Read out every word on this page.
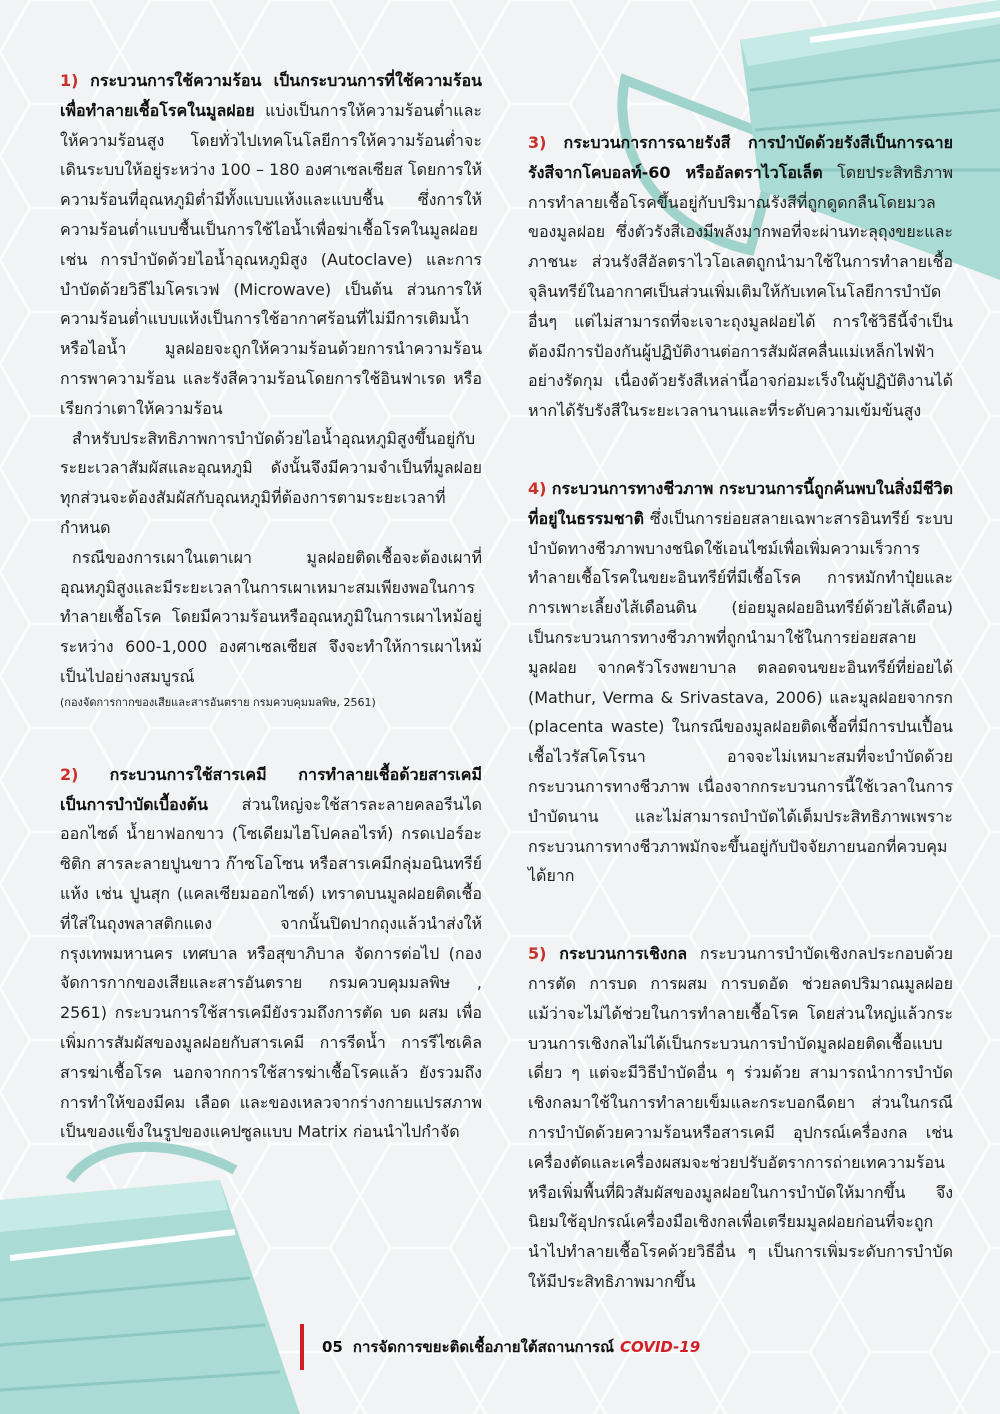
1) กระบวนการใช้ความร้อน เป็นกระบวนการที่ใช้ความร้อน เพื่อทำลายเชื้อโรคในมูลฝอย แบ่งเป็นการให้ความร้อนต่ำและให้ความร้อนสูง โดยทั่วไปเทคโนโลยีการให้ความร้อนต่ำจะเดินระบบให้อยู่ระหว่าง 100 – 180 องศาเซลเซียส โดยการให้ความร้อนที่อุณหภูมิต่ำมีทั้งแบบแห้งและแบบชื้น ซึ่งการให้ความร้อนต่ำแบบชื้นเป็นการใช้ไอน้ำเพื่อฆ่าเชื้อโรคในมูลฝอย เช่น การบำบัดด้วยไอน้ำอุณหภูมิสูง (Autoclave) และการบำบัดด้วยวิธีไมโครเวฟ (Microwave) เป็นต้น ส่วนการให้ความร้อนต่ำแบบแห้งเป็นการใช้อากาศร้อนที่ไม่มีการเติมน้ำหรือไอน้ำ มูลฝอยจะถูกให้ความร้อนด้วยการนำความร้อน การพาความร้อน และรังสีความร้อนโดยการใช้อินฟาเรด หรือเรียกว่าเตาให้ความร้อน

สำหรับประสิทธิภาพการบำบัดด้วยไอน้ำอุณหภูมิสูงขึ้นอยู่กับระยะเวลาสัมผัสและอุณหภูมิ ดังนั้นจึงมีความจำเป็นที่มูลฝอยทุกส่วนจะต้องสัมผัสกับอุณหภูมิที่ต้องการตามระยะเวลาที่กำหนด

กรณีของการเผาในเตาเผา มูลฝอยติดเชื้อจะต้องเผาที่อุณหภูมิสูงและมีระยะเวลาในการเผาเหมาะสมเพียงพอในการทำลายเชื้อโรค โดยมีความร้อนหรืออุณหภูมิในการเผาไหม้อยู่ระหว่าง 600-1,000 องศาเซลเซียส จึงจะทำให้การเผาไหม้เป็นไปอย่างสมบูรณ์

(กองจัดการกากของเสียและสารอันตราย กรมควบคุมมลพิษ, 2561)

2) กระบวนการใช้สารเคมี การทำลายเชื้อด้วยสารเคมีเป็นการบำบัดเบื้องต้น ส่วนใหญ่จะใช้สารละลายคลอรีนไดออกไซด์ น้ำยาฟอกขาว (โซเดียมไฮโปคลอไรท์) กรดเปอร์อะซิติก สารละลายปูนขาว ก๊าซโอโซน หรือสารเคมีกลุ่มอนินทรีย์แห้ง เช่น ปูนสุก (แคลเซียมออกไซด์) เทราดบนมูลฝอยติดเชื้อที่ใส่ในถุงพลาสติกแดง จากนั้นปิดปากถุงแล้วนำส่งให้กรุงเทพมหานคร เทศบาล หรือสุขาภิบาล จัดการต่อไป (กองจัดการกากของเสียและสารอันตราย กรมควบคุมมลพิษ , 2561) กระบวนการใช้สารเคมียังรวมถึงการตัด บด ผสม เพื่อเพิ่มการสัมผัสของมูลฝอยกับสารเคมี การรีดน้ำ การรีไซเคิลสารฆ่าเชื้อโรค นอกจากการใช้สารฆ่าเชื้อโรคแล้ว ยังรวมถึงการทำให้ของมีคม เลือด และของเหลวจากร่างกายแปรสภาพเป็นของแข็งในรูปของแคปซูลแบบ Matrix ก่อนนำไปกำจัด

3) กระบวนการการฉายรังสี การบำบัดด้วยรังสีเป็นการฉายรังสีจากโคบอลท์-60 หรืออัลตราไวโอเล็ต โดยประสิทธิภาพการทำลายเชื้อโรคขึ้นอยู่กับปริมาณรังสีที่ถูกดูดกลืนโดยมวลของมูลฝอย ซึ่งตัวรังสีเองมีพลังมากพอที่จะผ่านทะลุถุงขยะและภาชนะ ส่วนรังสีอัลตราไวโอเลตถูกนำมาใช้ในการทำลายเชื้อจุลินทรีย์ในอากาศเป็นส่วนเพิ่มเติมให้กับเทคโนโลยีการบำบัดอื่นๆ แต่ไม่สามารถที่จะเจาะถุงมูลฝอยได้ การใช้วิธีนี้จำเป็นต้องมีการป้องกันผู้ปฏิบัติงานต่อการสัมผัสคลื่นแม่เหล็กไฟฟ้าอย่างรัดกุม เนื่องด้วยรังสีเหล่านี้อาจก่อมะเร็งในผู้ปฏิบัติงานได้หากได้รับรังสีในระยะเวลานานและที่ระดับความเข้มข้นสูง

4) กระบวนการทางชีวภาพ กระบวนการนี้ถูกค้นพบในสิ่งมีชีวิตที่อยู่ในธรรมชาติ ซึ่งเป็นการย่อยสลายเฉพาะสารอินทรีย์ ระบบบำบัดทางชีวภาพบางชนิดใช้เอนไซม์เพื่อเพิ่มความเร็วการทำลายเชื้อโรคในขยะอินทรีย์ที่มีเชื้อโรค การหมักทำปุ๋ยและการเพาะเลี้ยงไส้เดือนดิน (ย่อยมูลฝอยอินทรีย์ด้วยไส้เดือน) เป็นกระบวนการทางชีวภาพที่ถูกนำมาใช้ในการย่อยสลายมูลฝอย จากครัวโรงพยาบาล ตลอดจนขยะอินทรีย์ที่ย่อยได้ (Mathur, Verma & Srivastava, 2006) และมูลฝอยจากรก (placenta waste) ในกรณีของมูลฝอยติดเชื้อที่มีการปนเปื้อนเชื้อไวรัสโคโรนา อาจจะไม่เหมาะสมที่จะบำบัดด้วยกระบวนการทางชีวภาพ เนื่องจากกระบวนการนี้ใช้เวลาในการบำบัดนาน และไม่สามารถบำบัดได้เต็มประสิทธิภาพเพราะกระบวนการทางชีวภาพมักจะขึ้นอยู่กับปัจจัยภายนอกที่ควบคุมได้ยาก

5) กระบวนการเชิงกล กระบวนการบำบัดเชิงกลประกอบด้วย การตัด การบด การผสม การบดอัด ช่วยลดปริมาณมูลฝอย แม้ว่าจะไม่ได้ช่วยในการทำลายเชื้อโรค โดยส่วนใหญ่แล้วกระบวนการเชิงกลไม่ได้เป็นกระบวนการบำบัดมูลฝอยติดเชื้อแบบเดี่ยว ๆ แต่จะมีวิธีบำบัดอื่น ๆ ร่วมด้วย สามารถนำการบำบัดเชิงกลมาใช้ในการทำลายเข็มและกระบอกฉีดยา ส่วนในกรณีการบำบัดด้วยความร้อนหรือสารเคมี อุปกรณ์เครื่องกล เช่น เครื่องตัดและเครื่องผสมจะช่วยปรับอัตราการถ่ายเทความร้อนหรือเพิ่มพื้นที่ผิวสัมผัสของมูลฝอยในการบำบัดให้มากขึ้น จึงนิยมใช้อุปกรณ์เครื่องมือเชิงกลเพื่อเตรียมมูลฝอยก่อนที่จะถูกนำไปทำลายเชื้อโรคด้วยวิธีอื่น ๆ เป็นการเพิ่มระดับการบำบัดให้มีประสิทธิภาพมากขึ้น

05 การจัดการขยะติดเชื้อภายใต้สถานการณ์ COVID-19
